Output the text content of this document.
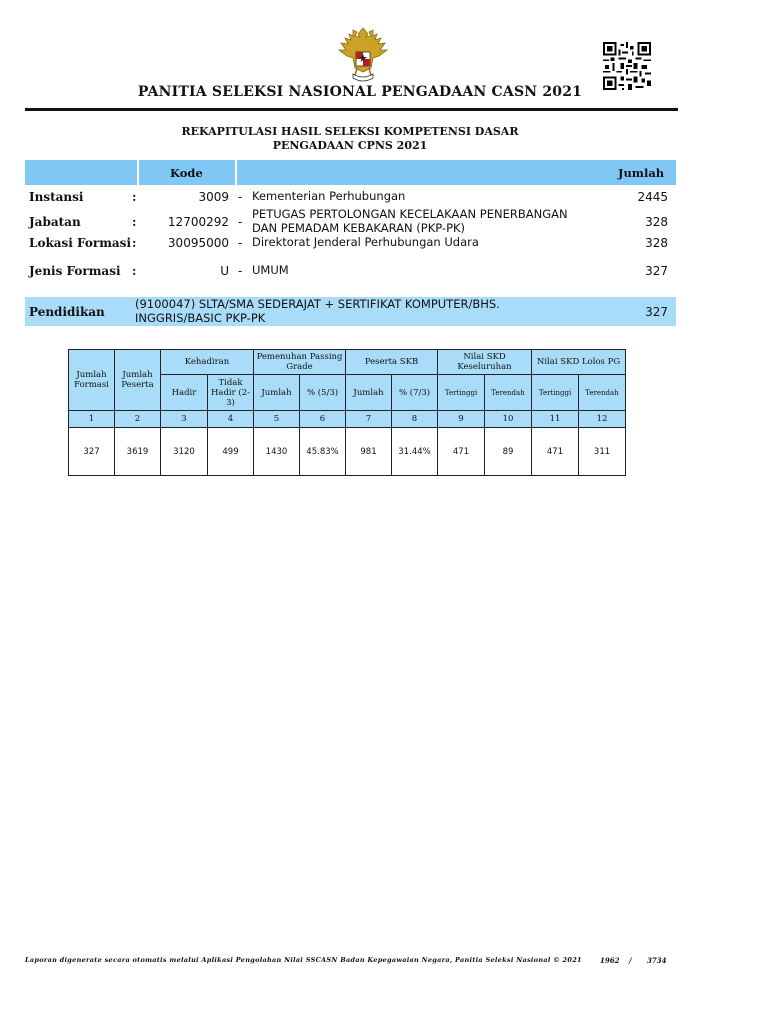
PANITIA SELEKSI NASIONAL PENGADAAN CASN 2021
REKAPITULASI HASIL SELEKSI KOMPETENSI DASAR
PENGADAAN CPNS 2021
Kode	Jumlah
Instansi	:	3009 - Kementerian Perhubungan	2445
Jabatan	:	12700292 -
PETUGAS PERTOLONGAN KECELAKAAN PENERBANGAN
DAN PEMADAM KEBAKARAN (PKP-PK)	328
Lokasi Formasi :	30095000 - Direktorat Jenderal Perhubungan Udara	328
Jenis Formasi :	U - UMUM	327
Pendidikan
(9100047) SLTA/SMA SEDERAJAT + SERTIFIKAT KOMPUTER/BHS.
INGGRIS/BASIC PKP-PK	327
Jumlah Formasi	Jumlah Peserta	Kehadiran		Pemenuhan Passing Grade		Peserta SKB		Nilai SKD Keseluruhan		Nilai SKD Lolos PG	
		Hadir	Tidak Hadir (2-3)	Jumlah	% (5/3)	Jumlah	% (7/3)	Tertinggi	Terendah	Tertinggi	Terendah
1	2	3	4	5	6	7	8	9	10	11	12
327	3619	3120	499	1430	45.83%	981	31.44%	471	89	471	311
Laporan digenerate secara otomatis melalui Aplikasi Pengolahan Nilai SSCASN Badan Kepegawaian Negara, Panitia Seleksi Nasional © 2021	1962 / 3734
